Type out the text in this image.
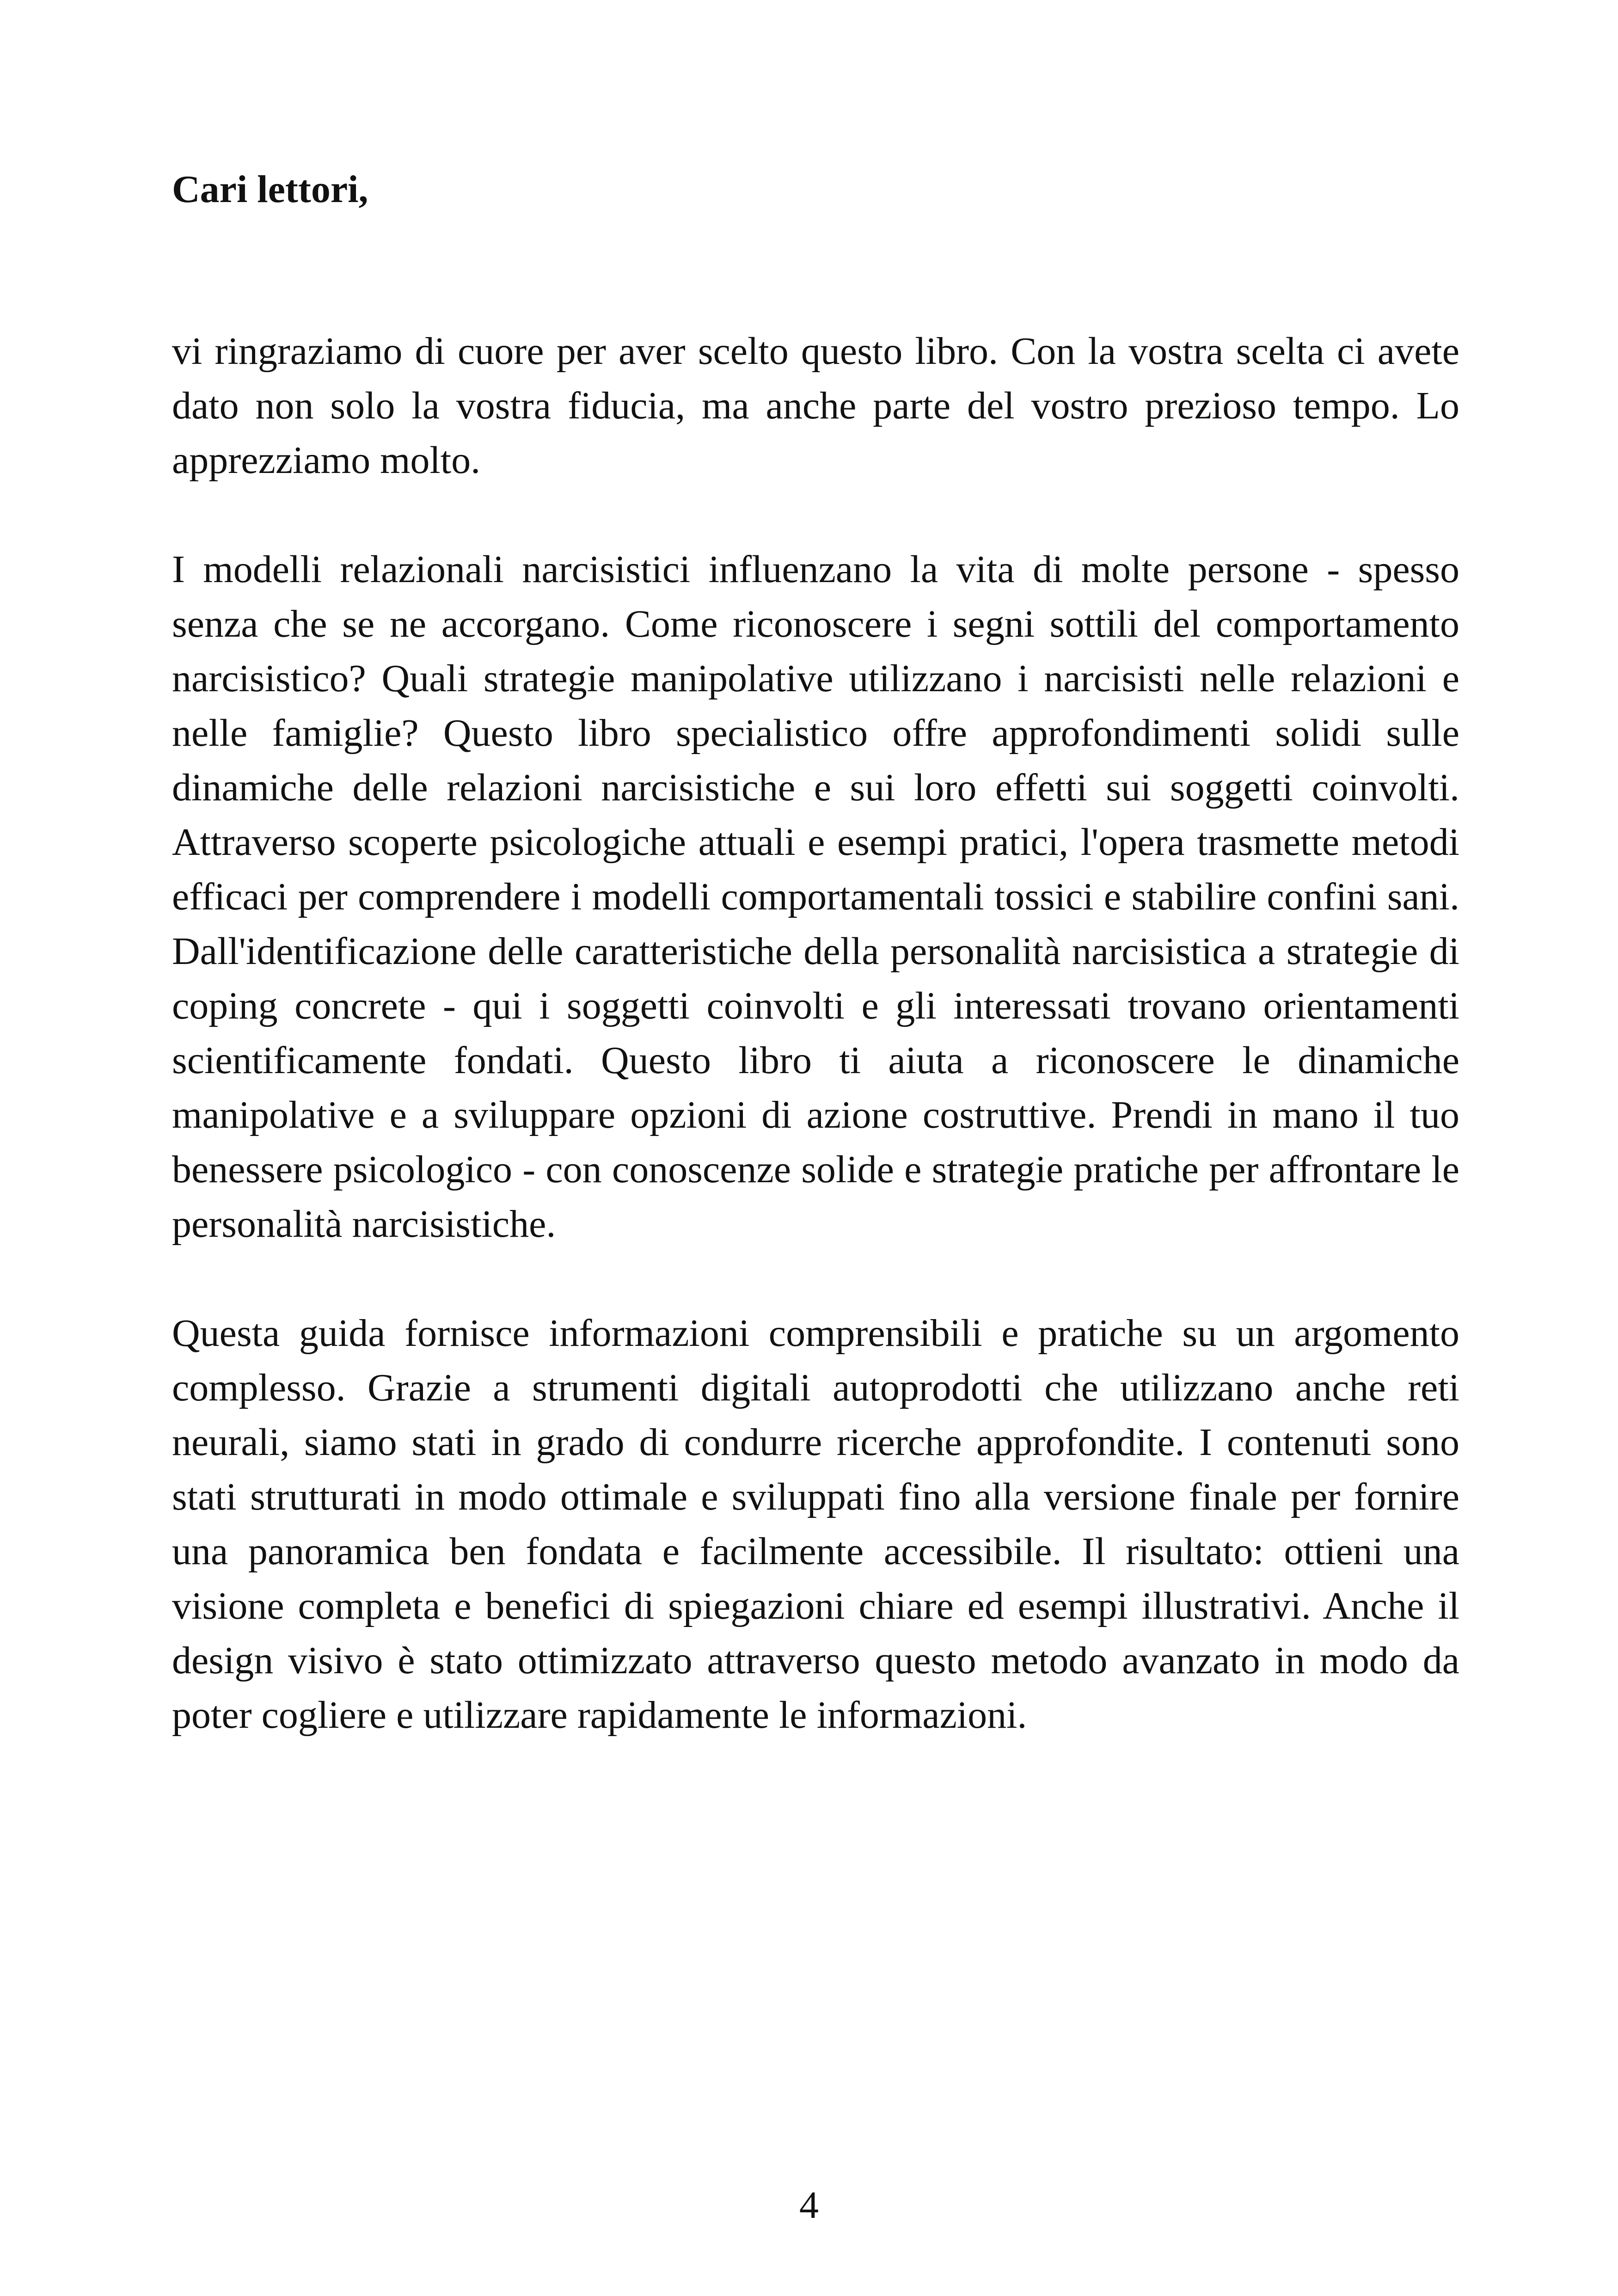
Cari lettori,

vi ringraziamo di cuore per aver scelto questo libro. Con la vostra scelta ci avete dato non solo la vostra fiducia, ma anche parte del vostro prezioso tempo. Lo apprezziamo molto.

I modelli relazionali narcisistici influenzano la vita di molte persone - spesso senza che se ne accorgano. Come riconoscere i segni sottili del comportamento narcisistico? Quali strategie manipolative utilizzano i narcisisti nelle relazioni e nelle famiglie? Questo libro specialistico offre approfondimenti solidi sulle dinamiche delle relazioni narcisistiche e sui loro effetti sui soggetti coinvolti. Attraverso scoperte psicologiche attuali e esempi pratici, l'opera trasmette metodi efficaci per comprendere i modelli comportamentali tossici e stabilire confini sani. Dall'identificazione delle caratteristiche della personalità narcisistica a strategie di coping concrete - qui i soggetti coinvolti e gli interessati trovano orientamenti scientificamente fondati. Questo libro ti aiuta a riconoscere le dinamiche manipolative e a sviluppare opzioni di azione costruttive. Prendi in mano il tuo benessere psicologico - con conoscenze solide e strategie pratiche per affrontare le personalità narcisistiche.

Questa guida fornisce informazioni comprensibili e pratiche su un argomento complesso. Grazie a strumenti digitali autoprodotti che utilizzano anche reti neurali, siamo stati in grado di condurre ricerche approfondite. I contenuti sono stati strutturati in modo ottimale e sviluppati fino alla versione finale per fornire una panoramica ben fondata e facilmente accessibile. Il risultato: ottieni una visione completa e benefici di spiegazioni chiare ed esempi illustrativi. Anche il design visivo è stato ottimizzato attraverso questo metodo avanzato in modo da poter cogliere e utilizzare rapidamente le informazioni.

4
